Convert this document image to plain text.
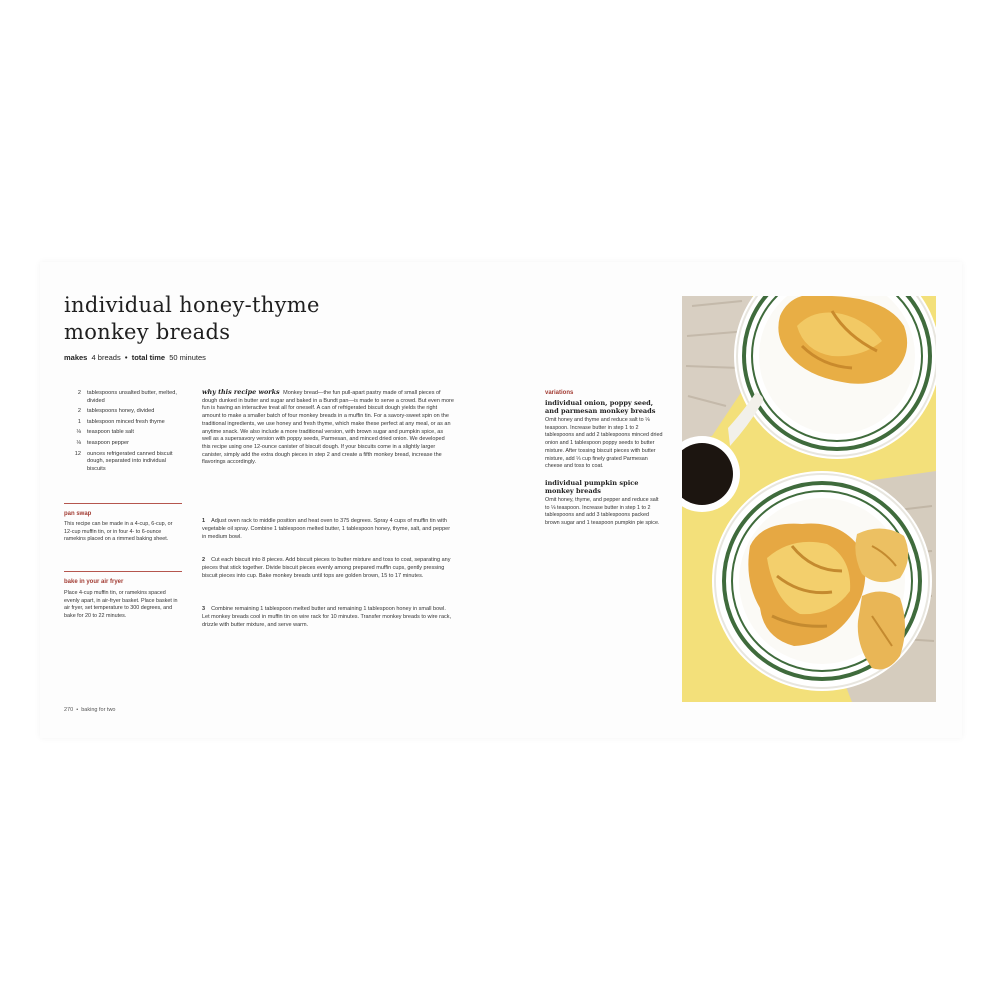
individual honey-thyme
monkey breads
makes 4 breads • total time 50 minutes
2	tablespoons unsalted butter, melted, divided
2	tablespoons honey, divided
1	tablespoon minced fresh thyme
⅛	teaspoon table salt
⅛	teaspoon pepper
12	ounces refrigerated canned biscuit dough, separated into individual biscuits
pan swap
This recipe can be made in a 4-cup, 6-cup, or 12-cup muffin tin, or in four 4- to 6-ounce ramekins placed on a rimmed baking sheet.
bake in your air fryer
Place 4-cup muffin tin, or ramekins spaced evenly apart, in air-fryer basket. Place basket in air fryer, set temperature to 300 degrees, and bake for 20 to 22 minutes.
why this recipe works Monkey bread—the fun pull-apart pastry made of small pieces of dough dunked in butter and sugar and baked in a Bundt pan—is made to serve a crowd. But even more fun is having an interactive treat all for oneself. A can of refrigerated biscuit dough yields the right amount to make a smaller batch of four monkey breads in a muffin tin. For a savory-sweet spin on the traditional ingredients, we use honey and fresh thyme, which make these perfect at any meal, or as an anytime snack. We also include a more traditional version, with brown sugar and pumpkin spice, as well as a supersavory version with poppy seeds, Parmesan, and minced dried onion. We developed this recipe using one 12-ounce canister of biscuit dough. If your biscuits come in a slightly larger canister, simply add the extra dough pieces in step 2 and create a fifth monkey bread, increase the flavorings accordingly.
1 Adjust oven rack to middle position and heat oven to 375 degrees. Spray 4 cups of muffin tin with vegetable oil spray. Combine 1 tablespoon melted butter, 1 tablespoon honey, thyme, salt, and pepper in medium bowl.
2 Cut each biscuit into 8 pieces. Add biscuit pieces to butter mixture and toss to coat, separating any pieces that stick together. Divide biscuit pieces evenly among prepared muffin cups, gently pressing biscuit pieces into cup. Bake monkey breads until tops are golden brown, 15 to 17 minutes.
3 Combine remaining 1 tablespoon melted butter and remaining 1 tablespoon honey in small bowl. Let monkey breads cool in muffin tin on wire rack for 10 minutes. Transfer monkey breads to wire rack, drizzle with butter mixture, and serve warm.
variations
individual onion, poppy seed, and parmesan monkey breads
Omit honey and thyme and reduce salt to ⅛ teaspoon. Increase butter in step 1 to 2 tablespoons and add 2 tablespoons minced dried onion and 1 tablespoon poppy seeds to butter mixture. After tossing biscuit pieces with butter mixture, add ⅓ cup finely grated Parmesan cheese and toss to coat.
individual pumpkin spice monkey breads
Omit honey, thyme, and pepper and reduce salt to ⅛ teaspoon. Increase butter in step 1 to 2 tablespoons and add 3 tablespoons packed brown sugar and 1 teaspoon pumpkin pie spice.
270 • baking for two
